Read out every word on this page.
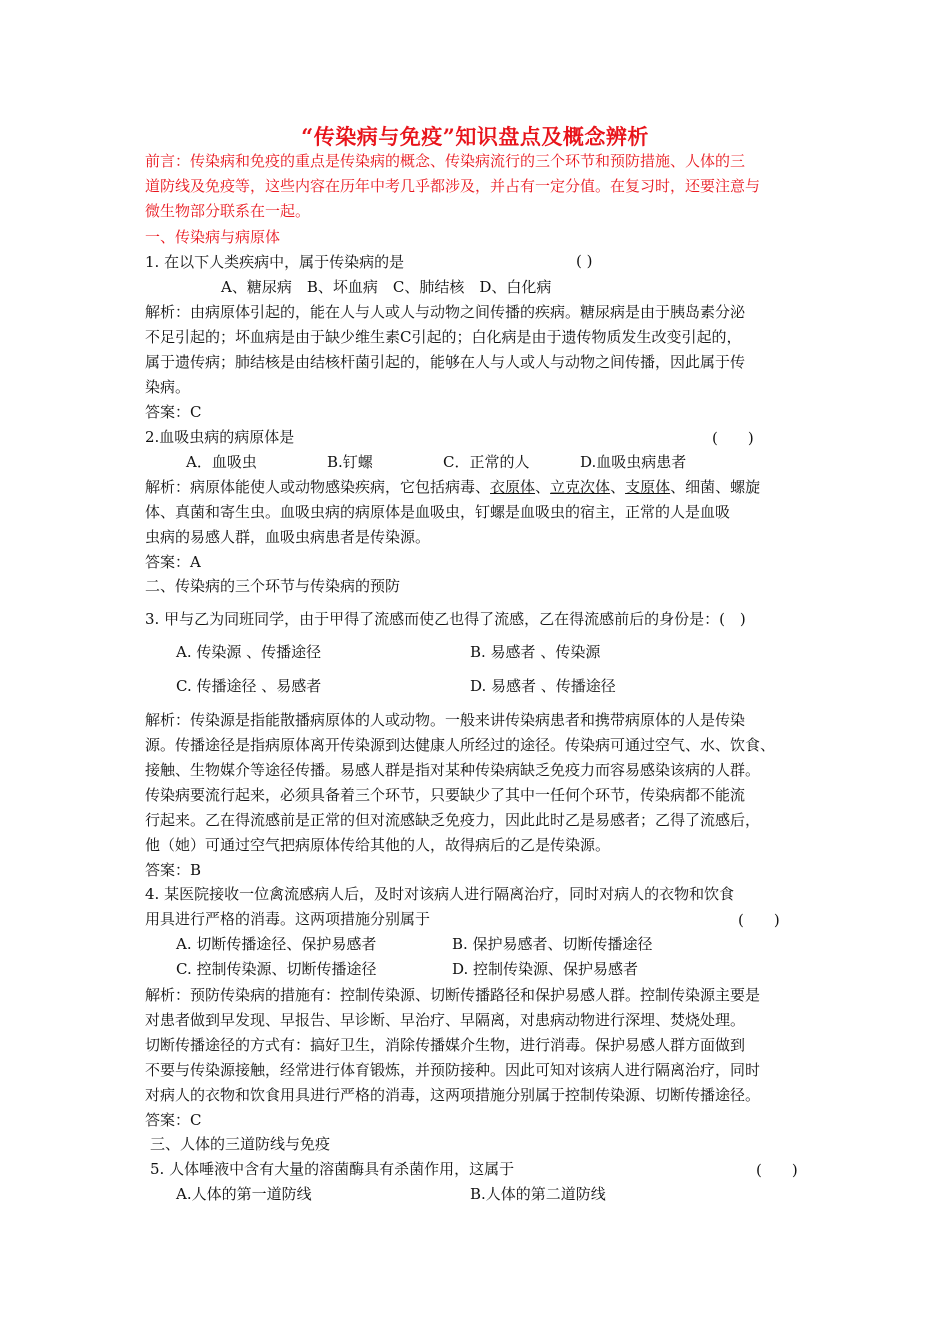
“传染病与免疫”知识盘点及概念辨析
前言：传染病和免疫的重点是传染病的概念、传染病流行的三个环节和预防措施、人体的三
道防线及免疫等，这些内容在历年中考几乎都涉及，并占有一定分值。在复习时，还要注意与
微生物部分联系在一起。
一、传染病与病原体
1. 在以下人类疾病中，属于传染病的是	( )
A、糖尿病　B、坏血病　C、肺结核　D、白化病
解析：由病原体引起的，能在人与人或人与动物之间传播的疾病。糖尿病是由于胰岛素分泌
不足引起的；坏血病是由于缺少维生素C引起的；白化病是由于遗传物质发生改变引起的，
属于遗传病；肺结核是由结核杆菌引起的，能够在人与人或人与动物之间传播，因此属于传
染病。
答案：C
2.血吸虫病的病原体是	(　　)
A．血吸虫	B.钉螺	C．正常的人	D.血吸虫病患者
解析：病原体能使人或动物感染疾病，它包括病毒、衣原体、立克次体、支原体、细菌、螺旋
体、真菌和寄生虫。血吸虫病的病原体是血吸虫，钉螺是血吸虫的宿主，正常的人是血吸
虫病的易感人群，血吸虫病患者是传染源。
答案：A
二、传染病的三个环节与传染病的预防
3. 甲与乙为同班同学，由于甲得了流感而使乙也得了流感，乙在得流感前后的身份是：(　)
A. 传染源 、传播途径	B. 易感者 、传染源
C. 传播途径 、易感者	D. 易感者 、传播途径
解析：传染源是指能散播病原体的人或动物。一般来讲传染病患者和携带病原体的人是传染
源。传播途径是指病原体离开传染源到达健康人所经过的途径。传染病可通过空气、水、饮食、
接触、生物媒介等途径传播。易感人群是指对某种传染病缺乏免疫力而容易感染该病的人群。
传染病要流行起来，必须具备着三个环节，只要缺少了其中一任何个环节，传染病都不能流
行起来。乙在得流感前是正常的但对流感缺乏免疫力，因此此时乙是易感者；乙得了流感后，
他（她）可通过空气把病原体传给其他的人，故得病后的乙是传染源。
答案：B
4. 某医院接收一位禽流感病人后，及时对该病人进行隔离治疗，同时对病人的衣物和饮食
用具进行严格的消毒。这两项措施分别属于	(　　)
A. 切断传播途径、保护易感者	B. 保护易感者、切断传播途径
C. 控制传染源、切断传播途径	D. 控制传染源、保护易感者
解析：预防传染病的措施有：控制传染源、切断传播路径和保护易感人群。控制传染源主要是
对患者做到早发现、早报告、早诊断、早治疗、早隔离，对患病动物进行深埋、焚烧处理。
切断传播途径的方式有：搞好卫生，消除传播媒介生物，进行消毒。保护易感人群方面做到
不要与传染源接触，经常进行体育锻炼，并预防接种。因此可知对该病人进行隔离治疗，同时
对病人的衣物和饮食用具进行严格的消毒，这两项措施分别属于控制传染源、切断传播途径。
答案：C
三、人体的三道防线与免疫
5. 人体唾液中含有大量的溶菌酶具有杀菌作用，这属于	(　　)
A.人体的第一道防线	B.人体的第二道防线
